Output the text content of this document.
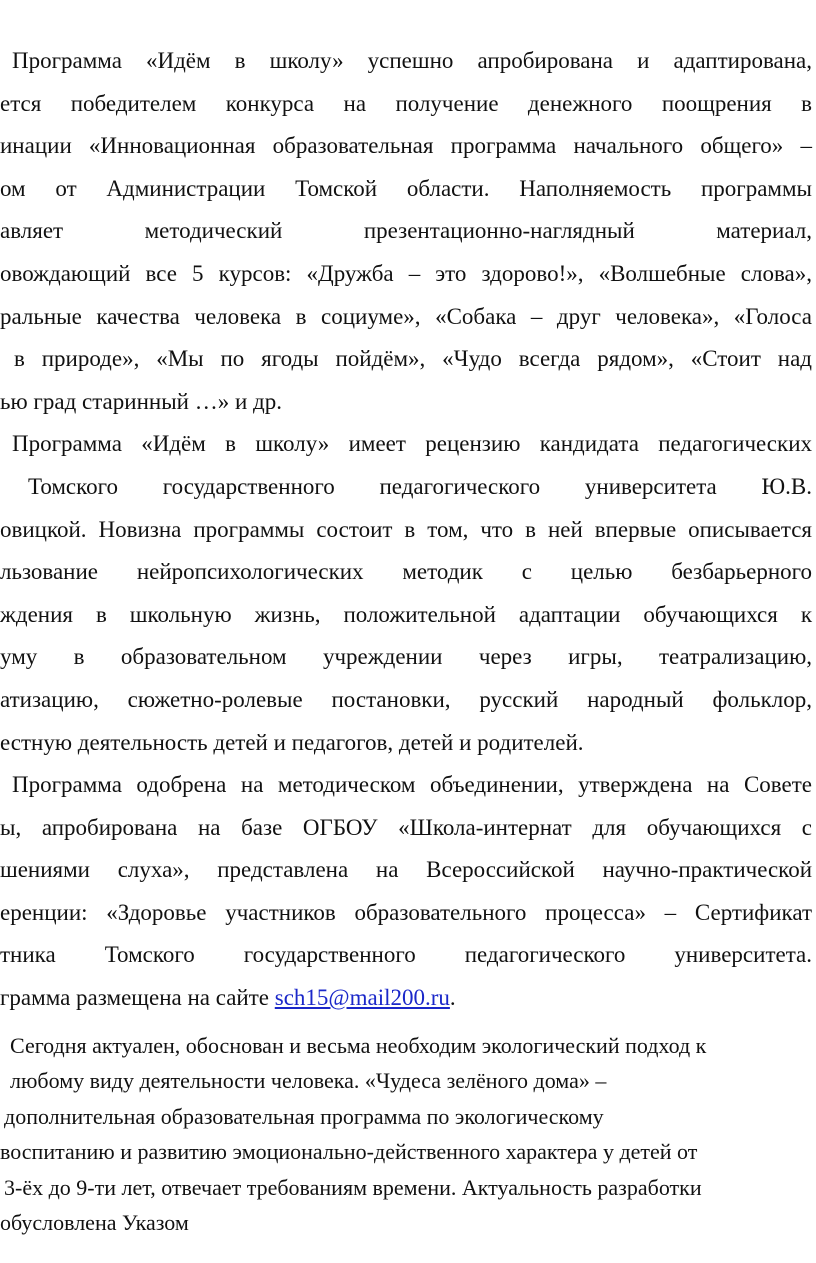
Программа «Идём в школу» успешно апробирована и адаптирована,
ется победителем конкурса на получение денежного поощрения в
инации «Инновационная образовательная программа начального общего» –
ом от Администрации Томской области. Наполняемость программы
авляет методический презентационно-наглядный материал,
овождающий все 5 курсов: «Дружба – это здорово!», «Волшебные слова»,
ральные качества человека в социуме», «Собака – друг человека», «Голоса
в природе», «Мы по ягоды пойдём», «Чудо всегда рядом», «Стоит над
ью град старинный …» и др.
Программа «Идём в школу» имеет рецензию кандидата педагогических
Томского государственного педагогического университета Ю.В.
овицкой. Новизна программы состоит в том, что в ней впервые описывается
льзование нейропсихологических методик с целью безбарьерного
ждения в школьную жизнь, положительной адаптации обучающихся к
уму в образовательном учреждении через игры, театрализацию,
атизацию, сюжетно-ролевые постановки, русский народный фольклор,
естную деятельность детей и педагогов, детей и родителей.
Программа одобрена на методическом объединении, утверждена на Совете
ы, апробирована на базе ОГБОУ «Школа-интернат для обучающихся с
шениями слуха», представлена на Всероссийской научно-практической
еренции: «Здоровье участников образовательного процесса» – Сертификат
тника Томского государственного педагогического университета.
грамма размещена на сайте sch15@mail200.ru.
Сегодня актуален, обоснован и весьма необходим экологический подход к
любому виду деятельности человека. «Чудеса зелёного дома» –
дополнительная образовательная программа по экологическому
воспитанию и развитию эмоционально-действенного характера у детей от
3-ёх до 9-ти лет, отвечает требованиям времени. Актуальность разработки
обусловлена Указом
